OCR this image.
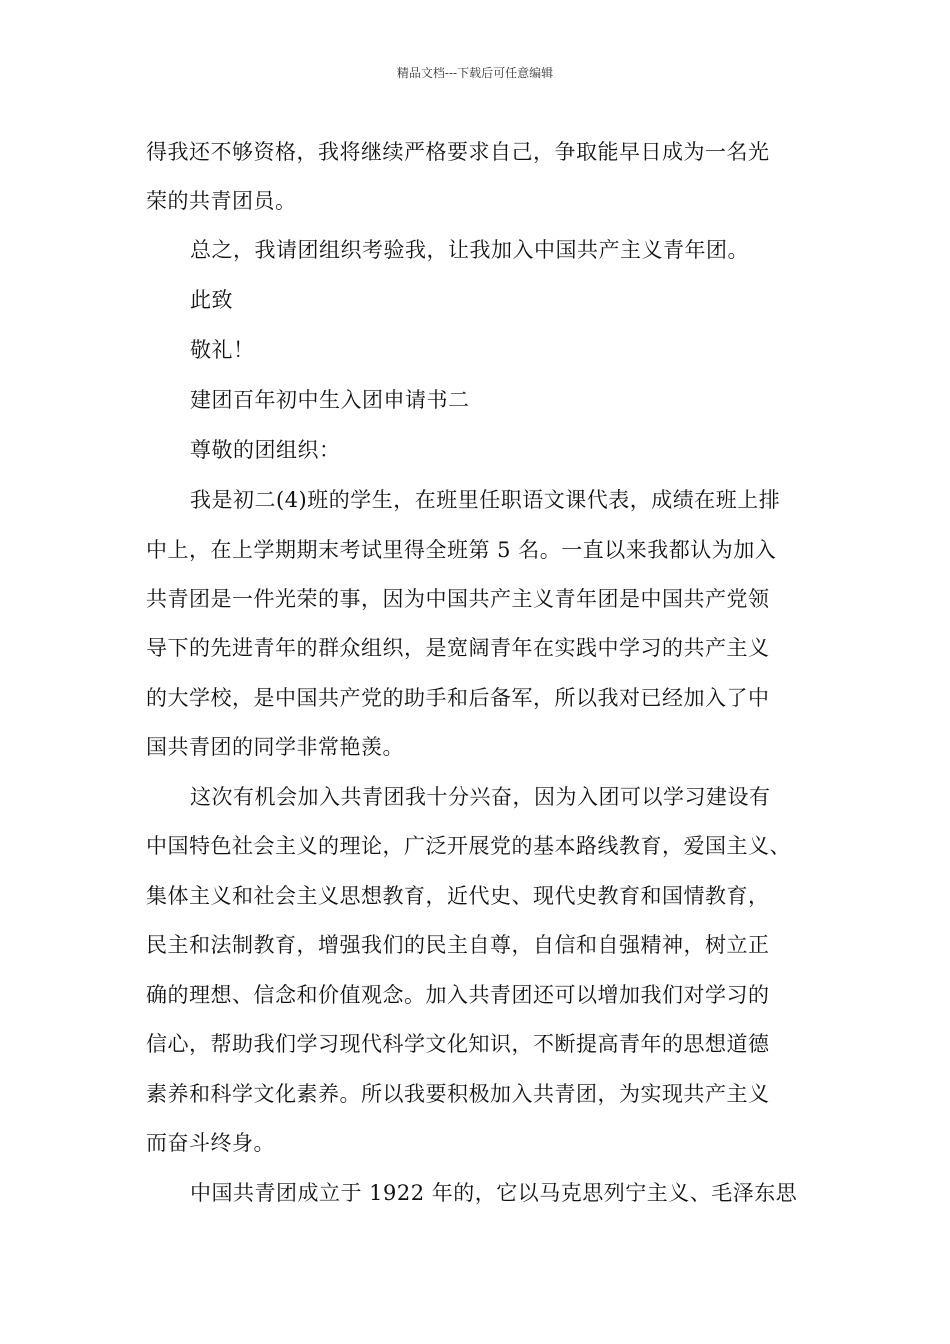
精品文档---下载后可任意编辑
得我还不够资格，我将继续严格要求自己，争取能早日成为一名光
荣的共青团员。
总之，我请团组织考验我，让我加入中国共产主义青年团。
此致
敬礼！
建团百年初中生入团申请书二
尊敬的团组织：
我是初二(4)班的学生，在班里任职语文课代表，成绩在班上排
中上，在上学期期末考试里得全班第 5 名。一直以来我都认为加入
共青团是一件光荣的事，因为中国共产主义青年团是中国共产党领
导下的先进青年的群众组织，是宽阔青年在实践中学习的共产主义
的大学校，是中国共产党的助手和后备军，所以我对已经加入了中
国共青团的同学非常艳羡。
这次有机会加入共青团我十分兴奋，因为入团可以学习建设有
中国特色社会主义的理论，广泛开展党的基本路线教育，爱国主义、
集体主义和社会主义思想教育，近代史、现代史教育和国情教育，
民主和法制教育，增强我们的民主自尊，自信和自强精神，树立正
确的理想、信念和价值观念。加入共青团还可以增加我们对学习的
信心，帮助我们学习现代科学文化知识，不断提高青年的思想道德
素养和科学文化素养。所以我要积极加入共青团，为实现共产主义
而奋斗终身。
中国共青团成立于 1922 年的，它以马克思列宁主义、毛泽东思
